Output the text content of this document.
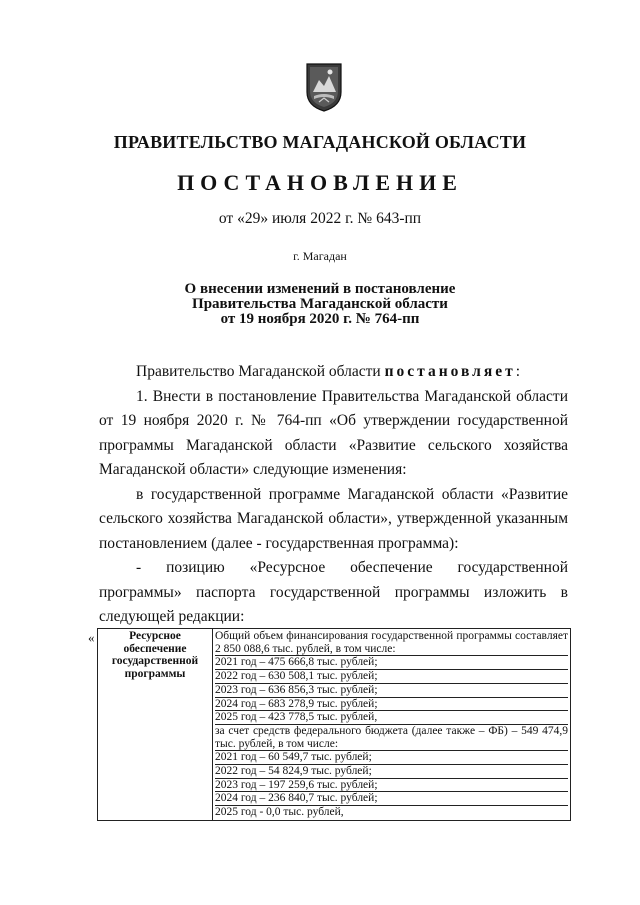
ПРАВИТЕЛЬСТВО МАГАДАНСКОЙ ОБЛАСТИ
ПОСТАНОВЛЕНИЕ
от «29» июля 2022 г. № 643-пп
г. Магадан
О внесении изменений в постановление
Правительства Магаданской области
от 19 ноября 2020 г. № 764-пп

Правительство Магаданской области постановляет:

1. Внести в постановление Правительства Магаданской области от 19 ноября 2020 г. № 764-пп «Об утверждении государственной программы Магаданской области «Развитие сельского хозяйства Магаданской области» следующие изменения:

в государственной программе Магаданской области «Развитие сельского хозяйства Магаданской области», утвержденной указанным постановлением (далее - государственная программа):

- позицию «Ресурсное обеспечение государственной программы» паспорта государственной программы изложить в следующей редакции:

«	Ресурсное обеспечение государственной программы	
Общий объем финансирования государственной программы составляет 2 850 088,6 тыс. рублей, в том числе:
2021 год – 475 666,8 тыс. рублей;
2022 год – 630 508,1 тыс. рублей;
2023 год – 636 856,3 тыс. рублей;
2024 год – 683 278,9 тыс. рублей;
2025 год – 423 778,5 тыс. рублей,
за счет средств федерального бюджета (далее также – ФБ) – 549 474,9 тыс. рублей, в том числе:
2021 год – 60 549,7 тыс. рублей;
2022 год – 54 824,9 тыс. рублей;
2023 год – 197 259,6 тыс. рублей;
2024 год – 236 840,7 тыс. рублей;
2025 год - 0,0 тыс. рублей,
